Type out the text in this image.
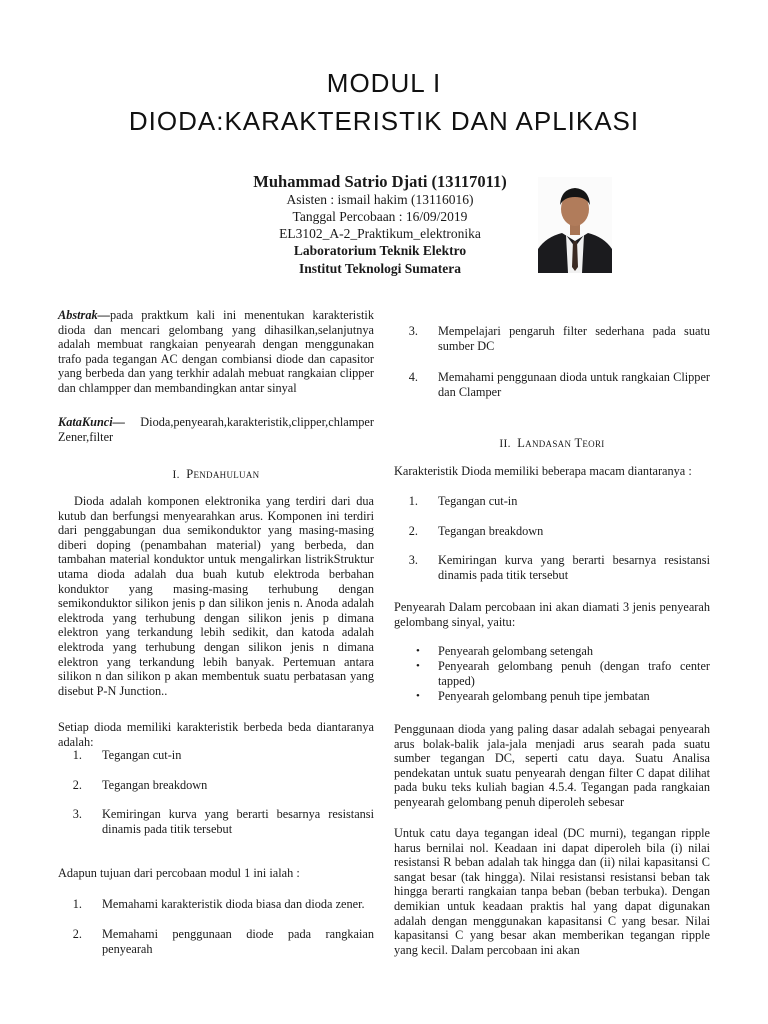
MODUL I
DIODA:KARAKTERISTIK DAN APLIKASI
Muhammad Satrio Djati (13117011)
Asisten : ismail hakim (13116016)
Tanggal Percobaan : 16/09/2019
EL3102_A-2_Praktikum_elektronika
Laboratorium Teknik Elektro
Institut Teknologi Sumatera
Abstrak—pada praktkum kali ini menentukan karakteristik dioda dan mencari gelombang yang dihasilkan,selanjutnya adalah membuat rangkaian penyearah dengan menggunakan trafo pada tegangan AC dengan combiansi diode dan capasitor yang berbeda dan yang terkhir adalah mebuat rangkaian clipper dan chlampper dan membandingkan antar sinyal
KataKunci— Dioda,penyearah,karakteristik,clipper,chlamper Zener,filter
I. Pendahuluan
Dioda adalah komponen elektronika yang terdiri dari dua kutub dan berfungsi menyearahkan arus. Komponen ini terdiri dari penggabungan dua semikonduktor yang masing-masing diberi doping (penambahan material) yang berbeda, dan tambahan material konduktor untuk mengalirkan listrikStruktur utama dioda adalah dua buah kutub elektroda berbahan konduktor yang masing-masing terhubung dengan semikonduktor silikon jenis p dan silikon jenis n. Anoda adalah elektroda yang terhubung dengan silikon jenis p dimana elektron yang terkandung lebih sedikit, dan katoda adalah elektroda yang terhubung dengan silikon jenis n dimana elektron yang terkandung lebih banyak. Pertemuan antara silikon n dan silikon p akan membentuk suatu perbatasan yang disebut P-N Junction..
Setiap dioda memiliki karakteristik berbeda beda diantaranya adalah:
1. Tegangan cut-in
2. Tegangan breakdown
3. Kemiringan kurva yang berarti besarnya resistansi dinamis pada titik tersebut
Adapun tujuan dari percobaan modul 1 ini ialah :
1. Memahami karakteristik dioda biasa dan dioda zener.
2. Memahami penggunaan diode pada rangkaian penyearah
3. Mempelajari pengaruh filter sederhana pada suatu sumber DC
4. Memahami penggunaan dioda untuk rangkaian Clipper dan Clamper
II. Landasan Teori
Karakteristik Dioda memiliki beberapa macam diantaranya :
1. Tegangan cut-in
2. Tegangan breakdown
3. Kemiringan kurva yang berarti besarnya resistansi dinamis pada titik tersebut
Penyearah Dalam percobaan ini akan diamati 3 jenis penyearah gelombang sinyal, yaitu:
•	Penyearah gelombang setengah
•	Penyearah gelombang penuh (dengan trafo center tapped)
•	Penyearah gelombang penuh tipe jembatan
Penggunaan dioda yang paling dasar adalah sebagai penyearah arus bolak-balik jala-jala menjadi arus searah pada suatu sumber tegangan DC, seperti catu daya. Suatu Analisa pendekatan untuk suatu penyearah dengan filter C dapat dilihat pada buku teks kuliah bagian 4.5.4. Tegangan pada rangkaian penyearah gelombang penuh diperoleh sebesar
Untuk catu daya tegangan ideal (DC murni), tegangan ripple harus bernilai nol. Keadaan ini dapat diperoleh bila (i) nilai resistansi R beban adalah tak hingga dan (ii) nilai kapasitansi C sangat besar (tak hingga). Nilai resistansi resistansi beban tak hingga berarti rangkaian tanpa beban (beban terbuka). Dengan demikian untuk keadaan praktis hal yang dapat digunakan adalah dengan menggunakan kapasitansi C yang besar. Nilai kapasitansi C yang besar akan memberikan tegangan ripple yang kecil. Dalam percobaan ini akan
